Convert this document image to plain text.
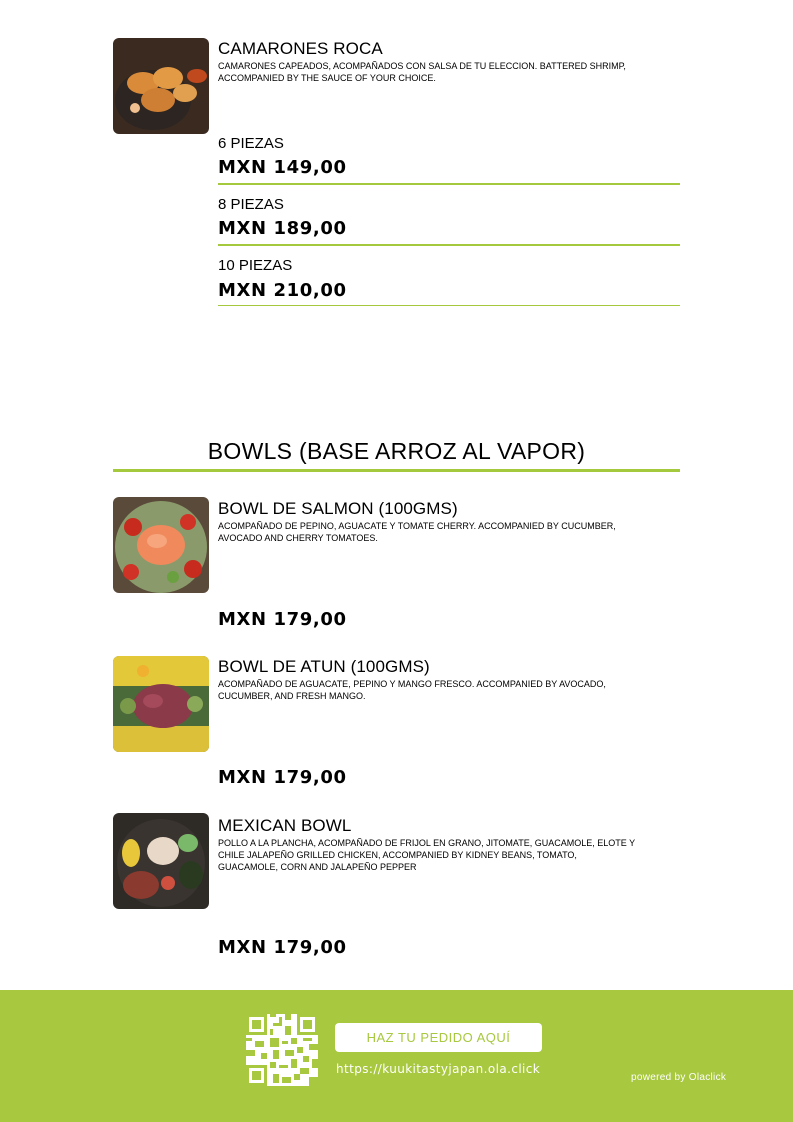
CAMARONES ROCA
CAMARONES CAPEADOS, ACOMPAÑADOS CON SALSA DE TU ELECCION. BATTERED SHRIMP, ACCOMPANIED BY THE SAUCE OF YOUR CHOICE.
6 PIEZAS
MXN 149,00
8 PIEZAS
MXN 189,00
10 PIEZAS
MXN 210,00
BOWLS (BASE ARROZ AL VAPOR)
BOWL DE SALMON (100GMS)
ACOMPAÑADO DE PEPINO, AGUACATE Y TOMATE CHERRY. ACCOMPANIED BY CUCUMBER, AVOCADO AND CHERRY TOMATOES.
MXN 179,00
BOWL DE ATUN (100GMS)
ACOMPAÑADO DE AGUACATE, PEPINO Y MANGO FRESCO. ACCOMPANIED BY AVOCADO, CUCUMBER, AND FRESH MANGO.
MXN 179,00
MEXICAN BOWL
POLLO A LA PLANCHA, ACOMPAÑADO DE FRIJOL EN GRANO, JITOMATE, GUACAMOLE, ELOTE Y CHILE JALAPEÑO GRILLED CHICKEN, ACCOMPANIED BY KIDNEY BEANS, TOMATO, GUACAMOLE, CORN AND JALAPEÑO PEPPER
MXN 179,00
HAZ TU PEDIDO AQUÍ
https://kuukitastyjapan.ola.click
powered by Olaclick
